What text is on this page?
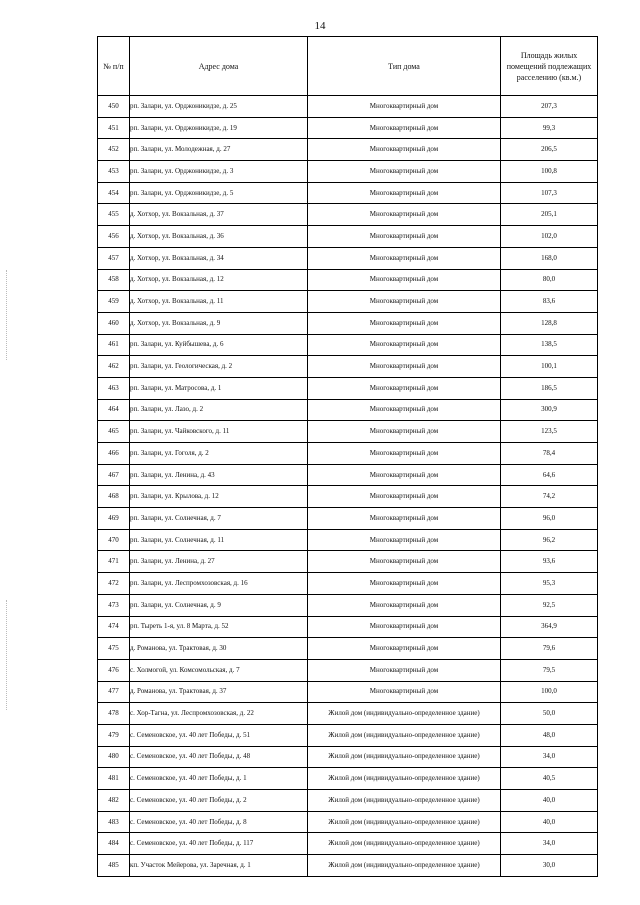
14
№ п/п	Адрес дома	Тип дома	Площадь жилых помещений подлежащих расселению (кв.м.)
450	рп. Залари, ул. Орджоникидзе, д. 25	Многоквартирный дом	207,3
451	рп. Залари, ул. Орджоникидзе, д. 19	Многоквартирный дом	99,3
452	рп. Залари, ул. Молодежная, д. 27	Многоквартирный дом	206,5
453	рп. Залари, ул. Орджоникидзе, д. 3	Многоквартирный дом	100,8
454	рп. Залари, ул. Орджоникидзе, д. 5	Многоквартирный дом	107,3
455	д. Хотхор, ул. Вокзальная, д. 37	Многоквартирный дом	205,1
456	д. Хотхор, ул. Вокзальная, д. 36	Многоквартирный дом	102,0
457	д. Хотхор, ул. Вокзальная, д. 34	Многоквартирный дом	168,0
458	д. Хотхор, ул. Вокзальная, д. 12	Многоквартирный дом	80,0
459	д. Хотхор, ул. Вокзальная, д. 11	Многоквартирный дом	83,6
460	д. Хотхор, ул. Вокзальная, д. 9	Многоквартирный дом	128,8
461	рп. Залари, ул. Куйбышева, д. 6	Многоквартирный дом	138,5
462	рп. Залари, ул. Геологическая, д. 2	Многоквартирный дом	100,1
463	рп. Залари, ул. Матросова, д. 1	Многоквартирный дом	186,5
464	рп. Залари, ул. Лазо, д. 2	Многоквартирный дом	300,9
465	рп. Залари, ул. Чайковского, д. 11	Многоквартирный дом	123,5
466	рп. Залари, ул. Гоголя, д. 2	Многоквартирный дом	78,4
467	рп. Залари, ул. Ленина, д. 43	Многоквартирный дом	64,6
468	рп. Залари, ул. Крылова, д. 12	Многоквартирный дом	74,2
469	рп. Залари, ул. Солнечная, д. 7	Многоквартирный дом	96,0
470	рп. Залари, ул. Солнечная, д. 11	Многоквартирный дом	96,2
471	рп. Залари, ул. Ленина, д. 27	Многоквартирный дом	93,6
472	рп. Залари, ул. Леспромхозовская, д. 16	Многоквартирный дом	95,3
473	рп. Залари, ул. Солнечная, д. 9	Многоквартирный дом	92,5
474	рп. Тыреть 1-я, ул. 8 Марта, д. 52	Многоквартирный дом	364,9
475	д. Романова, ул. Трактовая, д. 30	Многоквартирный дом	79,6
476	с. Холмогой, ул. Комсомольская, д. 7	Многоквартирный дом	79,5
477	д. Романова, ул. Трактовая, д. 37	Многоквартирный дом	100,0
478	с. Хор-Тагна, ул. Леспромхозовская, д. 22	Жилой дом (индивидуально-определенное здание)	50,0
479	с. Семеновское, ул. 40 лет Победы, д. 51	Жилой дом (индивидуально-определенное здание)	48,0
480	с. Семеновское, ул. 40 лет Победы, д. 48	Жилой дом (индивидуально-определенное здание)	34,0
481	с. Семеновское, ул. 40 лет Победы, д. 1	Жилой дом (индивидуально-определенное здание)	40,5
482	с. Семеновское, ул. 40 лет Победы, д. 2	Жилой дом (индивидуально-определенное здание)	40,0
483	с. Семеновское, ул. 40 лет Победы, д. 8	Жилой дом (индивидуально-определенное здание)	40,0
484	с. Семеновское, ул. 40 лет Победы, д. 117	Жилой дом (индивидуально-определенное здание)	34,0
485	кп. Участок Мейерова, ул. Заречная, д. 1	Жилой дом (индивидуально-определенное здание)	30,0
